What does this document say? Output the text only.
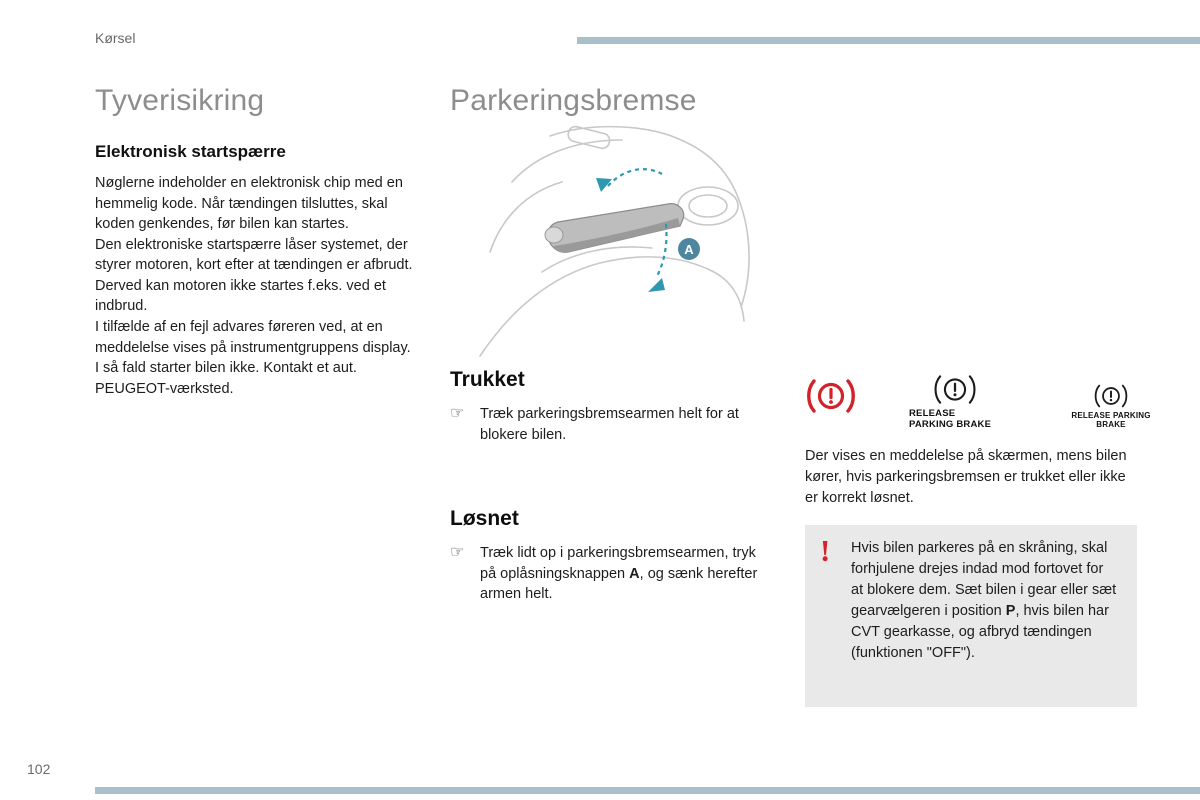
Kørsel
Tyverisikring
Elektronisk startspærre

Nøglerne indeholder en elektronisk chip med en hemmelig kode. Når tændingen tilsluttes, skal koden genkendes, før bilen kan startes.

Den elektroniske startspærre låser systemet, der styrer motoren, kort efter at tændingen er afbrudt. Derved kan motoren ikke startes f.eks. ved et indbrud.

I tilfælde af en fejl advares føreren ved, at en meddelelse vises på instrumentgruppens display.

I så fald starter bilen ikke. Kontakt et aut. PEUGEOT-værksted.

Parkeringsbremse
A
Trukket
☞	Træk parkeringsbremsearmen helt for at blokere bilen.
Løsnet
☞	Træk lidt op i parkeringsbremsearmen, tryk på oplåsningsknappen A, og sænk herefter armen helt.
RELEASE PARKING BRAKE
RELEASE PARKING BRAKE

Der vises en meddelelse på skærmen, mens bilen kører, hvis parkeringsbremsen er trukket eller ikke er korrekt løsnet.

! Hvis bilen parkeres på en skråning, skal forhjulene drejes indad mod fortovet for at blokere dem. Sæt bilen i gear eller sæt gearvælgeren i position P, hvis bilen har CVT gearkasse, og afbryd tændingen (funktionen "OFF").
102
